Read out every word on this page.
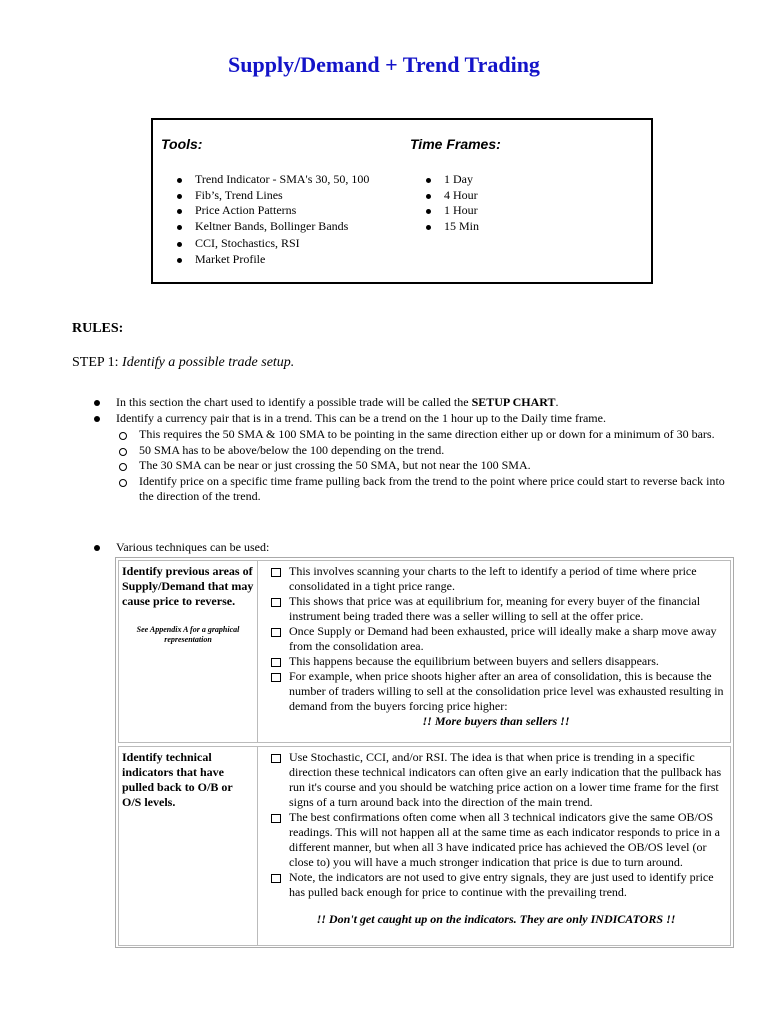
Supply/Demand + Trend Trading
Tools:
Trend Indicator - SMA's 30, 50, 100
Fib’s, Trend Lines
Price Action Patterns
Keltner Bands, Bollinger Bands
CCI, Stochastics, RSI
Market Profile
Time Frames:
1 Day
4 Hour
1 Hour
15 Min
RULES:
STEP 1: Identify a possible trade setup.
In this section the chart used to identify a possible trade will be called the SETUP CHART.
Identify a currency pair that is in a trend. This can be a trend on the 1 hour up to the Daily time frame.
This requires the 50 SMA & 100 SMA to be pointing in the same direction either up or down for a minimum of 30 bars.
50 SMA has to be above/below the 100 depending on the trend.
The 30 SMA can be near or just crossing the 50 SMA, but not near the 100 SMA.
Identify price on a specific time frame pulling back from the trend to the point where price could start to reverse back into the direction of the trend.
Various techniques can be used:
Identify previous areas of Supply/Demand that may cause price to reverse.
See Appendix A for a graphical representation
This involves scanning your charts to the left to identify a period of time where price consolidated in a tight price range.
This shows that price was at equilibrium for, meaning for every buyer of the financial instrument being traded there was a seller willing to sell at the offer price.
Once Supply or Demand had been exhausted, price will ideally make a sharp move away from the consolidation area.
This happens because the equilibrium between buyers and sellers disappears.
For example, when price shoots higher after an area of consolidation, this is because the number of traders willing to sell at the consolidation price level was exhausted resulting in demand from the buyers forcing price higher:
!! More buyers than sellers !!
Identify technical indicators that have pulled back to O/B or O/S levels.
Use Stochastic, CCI, and/or RSI. The idea is that when price is trending in a specific direction these technical indicators can often give an early indication that the pullback has run it's course and you should be watching price action on a lower time frame for the first signs of a turn around back into the direction of the main trend.
The best confirmations often come when all 3 technical indicators give the same OB/OS readings. This will not happen all at the same time as each indicator responds to price in a different manner, but when all 3 have indicated price has achieved the OB/OS level (or close to) you will have a much stronger indication that price is due to turn around.
Note, the indicators are not used to give entry signals, they are just used to identify price has pulled back enough for price to continue with the prevailing trend.
!! Don't get caught up on the indicators. They are only INDICATORS !!
